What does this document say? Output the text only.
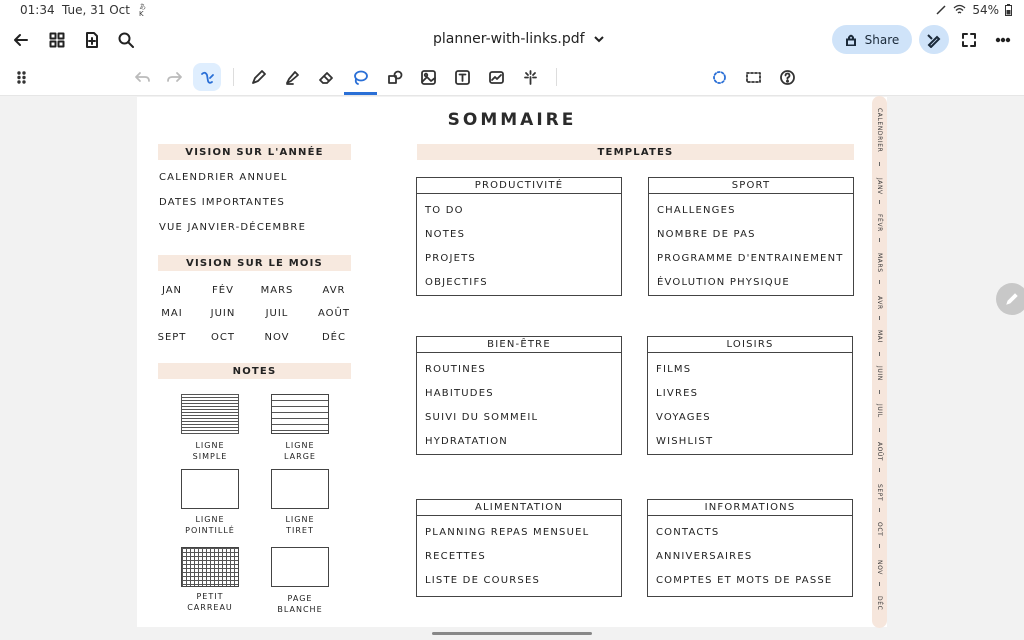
01:34 Tue, 31 Oct あ
K	54%
planner-with-links.pdf	Share
SOMMAIRE
VISION SUR L'ANNÉE
CALENDRIER ANNUEL
DATES IMPORTANTES
VUE JANVIER-DÉCEMBRE
VISION SUR LE MOIS
JAN	FÉV	MARS	AVR
MAI	JUIN	JUIL	AOÛT
SEPT	OCT	NOV	DÉC
NOTES
LIGNE
SIMPLE
LIGNE
LARGE
LIGNE
POINTILLÉ
LIGNE
TIRET
PETIT
CARREAU
PAGE
BLANCHE
TEMPLATES
PRODUCTIVITÉ
TO DO
NOTES
PROJETS
OBJECTIFS
SPORT
CHALLENGES
NOMBRE DE PAS
PROGRAMME D'ENTRAINEMENT
ÉVOLUTION PHYSIQUE
BIEN-ÊTRE
ROUTINES
HABITUDES
SUIVI DU SOMMEIL
HYDRATATION
LOISIRS
FILMS
LIVRES
VOYAGES
WISHLIST
ALIMENTATION
PLANNING REPAS MENSUEL
RECETTES
LISTE DE COURSES
INFORMATIONS
CONTACTS
ANNIVERSAIRES
COMPTES ET MOTS DE PASSE
CALENDRIER
JANV
FÉVR
MARS
AVR
MAI
JUIN
JUIL
AOÛT
SEPT
OCT
NOV
DÉC
